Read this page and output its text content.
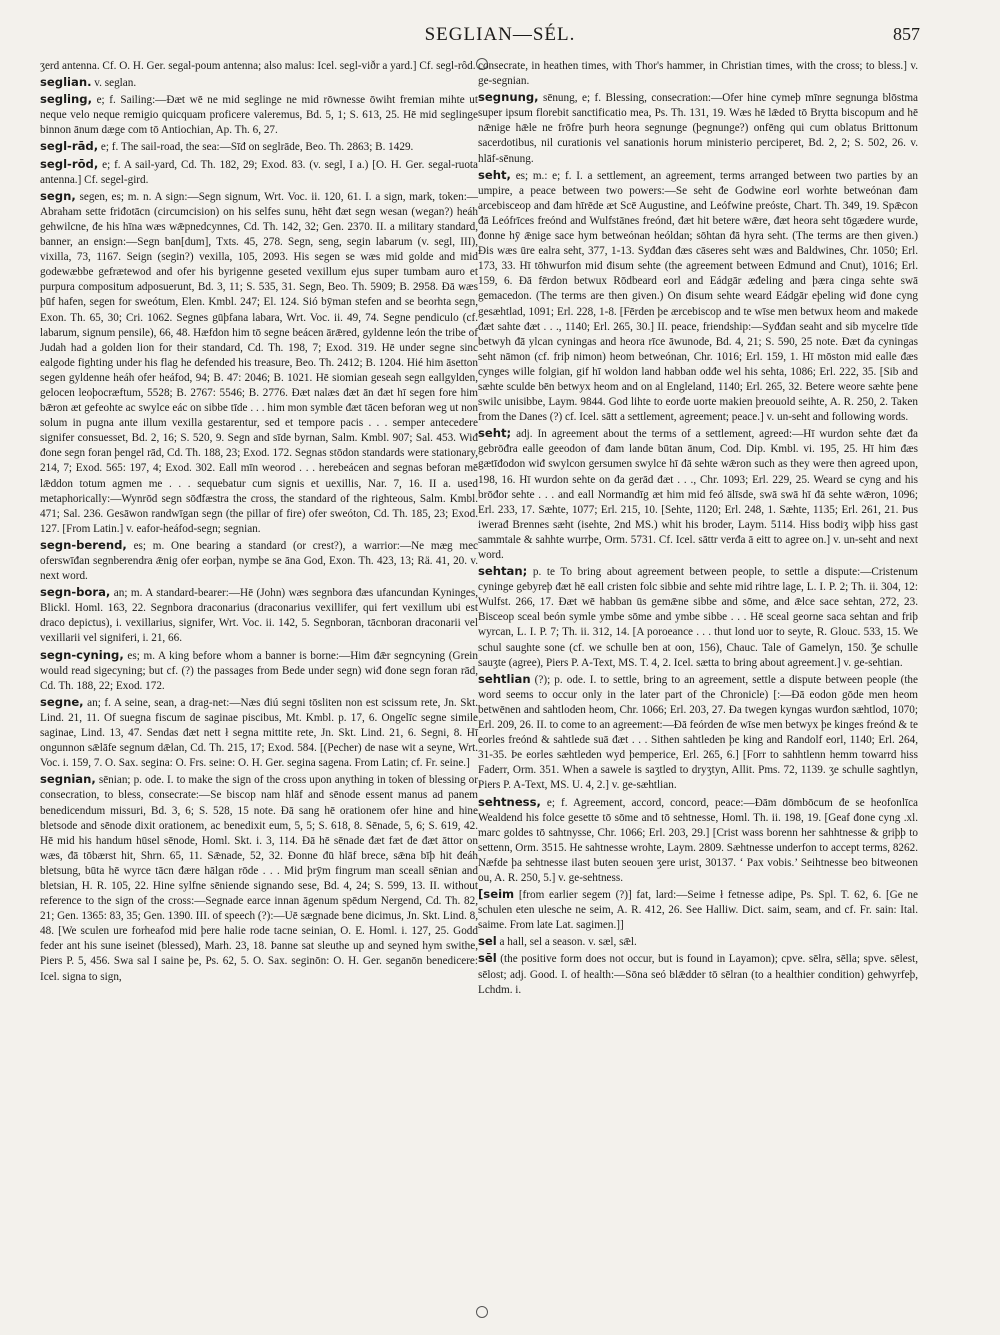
SEGLIAN—SÉL.	857

ʒerd antenna. Cf. O. H. Ger. segal-poum antenna; also malus: Icel. segl-viðr a yard.] Cf. segl-rôd.

seglian. v. seglan.

segling, e; f. Sailing:—Ðæt wē ne mid seglinge ne mid rōwnesse ōwiht fremian mihte ut neque velo neque remigio quicquam proficere valeremus, Bd. 5, 1; S. 613, 25. Hē mid seglinge binnon ānum dæge com tō Antiochian, Ap. Th. 6, 27.

segl-rād, e; f. The sail-road, the sea:—Sīđ on seglrāde, Beo. Th. 2863; B. 1429.

segl-rōd, e; f. A sail-yard, Cd. Th. 182, 29; Exod. 83. (v. segl, I a.) [O. H. Ger. segal-ruota antenna.] Cf. segel-gird.

segn, segen, es; m. n. A sign:—Segn signum, Wrt. Voc. ii. 120, 61. I. a sign, mark, token:—Abraham sette friđotācn (circumcision) on his selfes sunu, hēht đæt segn wesan (wegan?) heáh gehwilcne, đe his hīna wæs wǣpnedcynnes, Cd. Th. 142, 32; Gen. 2370. II. a military standard, banner, an ensign:—Segn ban[dum], Txts. 45, 278. Segn, seng, segin labarum (v. segl, III), vixilla, 73, 1167. Seign (segin?) vexilla, 105, 2093. His segen se wæs mid golde and mid godewæbbe gefrætewod and ofer his byrigenne geseted vexillum ejus super tumbam auro et purpura compositum adposuerunt, Bd. 3, 11; S. 535, 31. Segn, Beo. Th. 5909; B. 2958. Đā wæs þūf hafen, segen for sweótum, Elen. Kmbl. 247; El. 124. Sió bȳman stefen and se beorhta segn, Exon. Th. 65, 30; Cri. 1062. Segnes gūþfana labara, Wrt. Voc. ii. 49, 74. Segne pendiculo (cf. labarum, signum pensile), 66, 48. Hæfdon him tō segne beácen ārǣred, gyldenne león the tribe of Judah had a golden lion for their standard, Cd. Th. 198, 7; Exod. 319. Hē under segne sinc ealgode fighting under his flag he defended his treasure, Beo. Th. 2412; B. 1204. Hié him āsetton segen gyldenne heáh ofer heáfod, 94; B. 47: 2046; B. 1021. Hē siomian geseah segn eallgylden, gelocen leoþocræftum, 5528; B. 2767: 5546; B. 2776. Đæt nalæs đæt ān đæt hī segen fore him bǣron æt gefeohte ac swylce eác on sibbe tīde . . . him mon symble đæt tācen beforan weg ut non solum in pugna ante illum vexilla gestarentur, sed et tempore pacis . . . semper antecedere signifer consuesset, Bd. 2, 16; S. 520, 9. Segn and sīde byrnan, Salm. Kmbl. 907; Sal. 453. Wiđ đone segn foran þengel rād, Cd. Th. 188, 23; Exod. 172. Segnas stōdon standards were stationary, 214, 7; Exod. 565: 197, 4; Exod. 302. Eall mīn weorod . . . herebeácen and segnas beforan mē lǣddon totum agmen me . . . sequebatur cum signis et uexillis, Nar. 7, 16. II a. used metaphorically:—Wynrōd segn sōđfæstra the cross, the standard of the righteous, Salm. Kmbl. 471; Sal. 236. Gesāwon randwīgan segn (the pillar of fire) ofer sweóton, Cd. Th. 185, 23; Exod. 127. [From Latin.] v. eafor-heáfod-segn; segnian.

segn-berend, es; m. One bearing a standard (or crest?), a warrior:—Ne mæg mec oferswīđan segnberendra ǣnig ofer eorþan, nymþe se āna God, Exon. Th. 423, 13; Rä. 41, 20. v. next word.

segn-bora, an; m. A standard-bearer:—Hē (John) wæs segnbora đæs ufancundan Kyninges, Blickl. Homl. 163, 22. Segnbora draconarius (draconarius vexillifer, qui fert vexillum ubi est draco depictus), i. vexillarius, signifer, Wrt. Voc. ii. 142, 5. Segnboran, tācnboran draconarii vel vexillarii vel signiferi, i. 21, 66.

segn-cyning, es; m. A king before whom a banner is borne:—Him đǣr segncyning (Grein would read sigecyning; but cf. (?) the passages from Bede under segn) wiđ đone segn foran rād, Cd. Th. 188, 22; Exod. 172.

segne, an; f. A seine, sean, a drag-net:—Næs điú segni tōsliten non est scissum rete, Jn. Skt. Lind. 21, 11. Of suegna fiscum de saginae piscibus, Mt. Kmbl. p. 17, 6. Ongelīc segne simile saginae, Lind. 13, 47. Sendas đæt nett ł segna mittite rete, Jn. Skt. Lind. 21, 6. Segni, 8. Hī ongunnon sǣlāfe segnum dǣlan, Cd. Th. 215, 17; Exod. 584. [(Pecher) de nase wit a seyne, Wrt. Voc. i. 159, 7. O. Sax. segina: O. Frs. seine: O. H. Ger. segina sagena. From Latin; cf. Fr. seine.]

segnian, sēnian; p. ode. I. to make the sign of the cross upon anything in token of blessing or consecration, to bless, consecrate:—Se biscop nam hlāf and sēnode essent manus ad panem benedicendum missuri, Bd. 3, 6; S. 528, 15 note. Đā sang hē orationem ofer hine and hine bletsode and sēnode dixit orationem, ac benedixit eum, 5, 5; S. 618, 8. Sēnade, 5, 6; S. 619, 42. Hē mid his handum hūsel sēnode, Homl. Skt. i. 3, 114. Đā hē sēnade đæt fæt đe đæt āttor on wæs, đā tōbærst hit, Shrn. 65, 11. Sǣnade, 52, 32. Đonne đū hlāf brece, sǣna bīþ hit đeáh bletsung, būta hē wyrce tācn đære hālgan rōde . . . Mid þrȳm fingrum man sceall sēnian and bletsian, H. R. 105, 22. Hine sylfne sēniende signando sese, Bd. 4, 24; S. 599, 13. II. without reference to the sign of the cross:—Segnade earce innan āgenum spēdum Nergend, Cd. Th. 82, 21; Gen. 1365: 83, 35; Gen. 1390. III. of speech (?):—Uē sægnade bene dicimus, Jn. Skt. Lind. 8, 48. [We sculen ure forheafod mid þere halie rode tacne seinian, O. E. Homl. i. 127, 25. Godd feder ant his sune iseinet (blessed), Marh. 23, 18. Þanne sat sleuthe up and seyned hym swithe, Piers P. 5, 456. Swa sal I saine þe, Ps. 62, 5. O. Sax. seginōn: O. H. Ger. seganōn benedicere: Icel. signa to sign,

consecrate, in heathen times, with Thor's hammer, in Christian times, with the cross; to bless.] v. ge-segnian.

segnung, sēnung, e; f. Blessing, consecration:—Ofer hine cymeþ mīnre segnunga blōstma super ipsum florebit sanctificatio mea, Ps. Th. 131, 19. Wæs hē lǣded tō Brytta biscopum and hē nǣnige hǣle ne frōfre þurh heora segnunge (þegnunge?) onfēng qui cum oblatus Brittonum sacerdotibus, nil curationis vel sanationis horum ministerio perciperet, Bd. 2, 2; S. 502, 26. v. hlāf-sēnung.

seht, es; m.: e; f. I. a settlement, an agreement, terms arranged between two parties by an umpire, a peace between two powers:—Se seht đe Godwine eorl worhte betweónan đam arcebisceop and đam hīrēde æt Scē Augustine, and Leófwine preóste, Chart. Th. 349, 19. Spǣcon đā Leófrīces freónd and Wulfstānes freónd, đæt hit betere wǣre, đæt heora seht tōgædere wurde, đonne hȳ ǣnige sace hym betweónan heóldan; sōhtan đā hyra seht. (The terms are then given.) Đis wæs ūre ealra seht, 377, 1-13. Syđđan đæs cāseres seht wæs and Baldwines, Chr. 1050; Erl. 173, 33. Hī tōhwurfon mid đisum sehte (the agreement between Edmund and Cnut), 1016; Erl. 159, 6. Đā fērdon betwux Rōdbeard eorl and Eádgār æđeling and þæra cinga sehte swā gemacedon. (The terms are then given.) On đisum sehte weard Eádgār eþeling wiđ đone cyng gesæhtlad, 1091; Erl. 228, 1-8. [Fērden þe ærcebiscop and te wīse men betwux heom and makede đæt sahte đæt . . ., 1140; Erl. 265, 30.] II. peace, friendship:—Syđđan seaht and sib mycelre tīde betwyh đā ylcan cyningas and heora rīce āwunode, Bd. 4, 21; S. 590, 25 note. Đæt đa cyningas seht nāmon (cf. friþ nimon) heom betweónan, Chr. 1016; Erl. 159, 1. Hī mōston mid ealle đæs cynges wille folgian, gif hī woldon land habban odđe wel his sehta, 1086; Erl. 222, 35. [Sib and sæhte sculde bēn betwyx heom and on al Engleland, 1140; Erl. 265, 32. Betere weore sæhte þene swilc unisibbe, Laym. 9844. God lihte to eorđe uorte makien þreouold seihte, A. R. 250, 2. Taken from the Danes (?) cf. Icel. sātt a settlement, agreement; peace.] v. un-seht and following words.

seht; adj. In agreement about the terms of a settlement, agreed:—Hī wurdon sehte đæt đa gebrōđra ealle geeodon of đam lande būtan ānum, Cod. Dip. Kmbl. vi. 195, 25. Hī him đæs gætīđodon wiđ swylcon gersumen swylce hī đā sehte wǣron such as they were then agreed upon, 198, 16. Hī wurdon sehte on đa gerād đæt . . ., Chr. 1093; Erl. 229, 25. Weard se cyng and his brōđor sehte . . . and eall Normandīg æt him mid feó ālīsde, swā swā hī đā sehte wǣron, 1096; Erl. 233, 17. Sæhte, 1077; Erl. 215, 10. [Sehte, 1120; Erl. 248, 1. Sæhte, 1135; Erl. 261, 21. Þus iwerađ Brennes sæht (isehte, 2nd MS.) whit his broder, Laym. 5114. Hiss bodiʒ wiþþ hiss gast sammtale & sahhte wurrþe, Orm. 5731. Cf. Icel. sāttr verđa ā eitt to agree on.] v. un-seht and next word.

sehtan; p. te To bring about agreement between people, to settle a dispute:—Cristenum cyninge gebyreþ đæt hē eall cristen folc sibbie and sehte mid rihtre lage, L. I. P. 2; Th. ii. 304, 12: Wulfst. 266, 17. Đæt wē habban ūs gemǣne sibbe and sōme, and ǣlce sace sehtan, 272, 23. Bisceop sceal beón symle ymbe sōme and ymbe sibbe . . . Hē sceal georne saca sehtan and friþ wyrcan, L. I. P. 7; Th. ii. 312, 14. [A poroeance . . . thut lond uor to seyte, R. Glouc. 533, 15. We schul saughte sone (cf. we schulle ben at oon, 156), Chauc. Tale of Gamelyn, 150. Ʒe schulle sauʒte (agree), Piers P. A-Text, MS. T. 4, 2. Icel. sætta to bring about agreement.] v. ge-sehtian.

sehtlian (?); p. ode. I. to settle, bring to an agreement, settle a dispute between people (the word seems to occur only in the later part of the Chronicle) [:—Đā eodon gōde men heom betwēnen and sahtloden heom, Chr. 1066; Erl. 203, 27. Đa twegen kyngas wurđon sæhtlod, 1070; Erl. 209, 26. II. to come to an agreement:—Đā feórden đe wīse men betwyx þe kinges freónd & te eorles freónd & sahtlede suā đæt . . . Sithen sahtleden þe king and Randolf eorl, 1140; Erl. 264, 31-35. Þe eorles sæhtleden wyd þemperice, Erl. 265, 6.] [Forr to sahhtlenn hemm towarrd hiss Faderr, Orm. 351. When a sawele is saʒtled to dryʒtyn, Allit. Pms. 72, 1139. ʒe schulle saghtlyn, Piers P. A-Text, MS. U. 4, 2.] v. ge-sæhtlian.

sehtness, e; f. Agreement, accord, concord, peace:—Đām dōmbōcum đe se heofonlīca Wealdend his folce gesette tō sōme and tō sehtnesse, Homl. Th. ii. 198, 19. [Geaf đone cyng .xl. marc goldes tō sahtnysse, Chr. 1066; Erl. 203, 29.] [Crist wass borenn her sahhtnesse & griþþ to settenn, Orm. 3515. He sahtnesse wrohte, Laym. 2809. Sæhtnesse underfon to accept terms, 8262. Næfde þa sehtnesse ilast buten seouen ʒere urist, 30137. ‘ Pax vobis.’ Seihtnesse beo bitweonen ou, A. R. 250, 5.] v. ge-sehtness.

[seim [from earlier segem (?)] fat, lard:—Seime ł fetnesse adipe, Ps. Spl. T. 62, 6. [Ge ne schulen eten ulesche ne seim, A. R. 412, 26. See Halliw. Dict. saim, seam, and cf. Fr. sain: Ital. saime. From late Lat. sagimen.]]

sel a hall, sel a season. v. sæl, sǣl.

sēl (the positive form does not occur, but is found in Layamon); cpve. sēlra, sēlla; spve. sēlest, sēlost; adj. Good. I. of health:—Sōna seó blǣdder tō sēlran (to a healthier condition) gehwyrfeþ, Lchdm. i.
